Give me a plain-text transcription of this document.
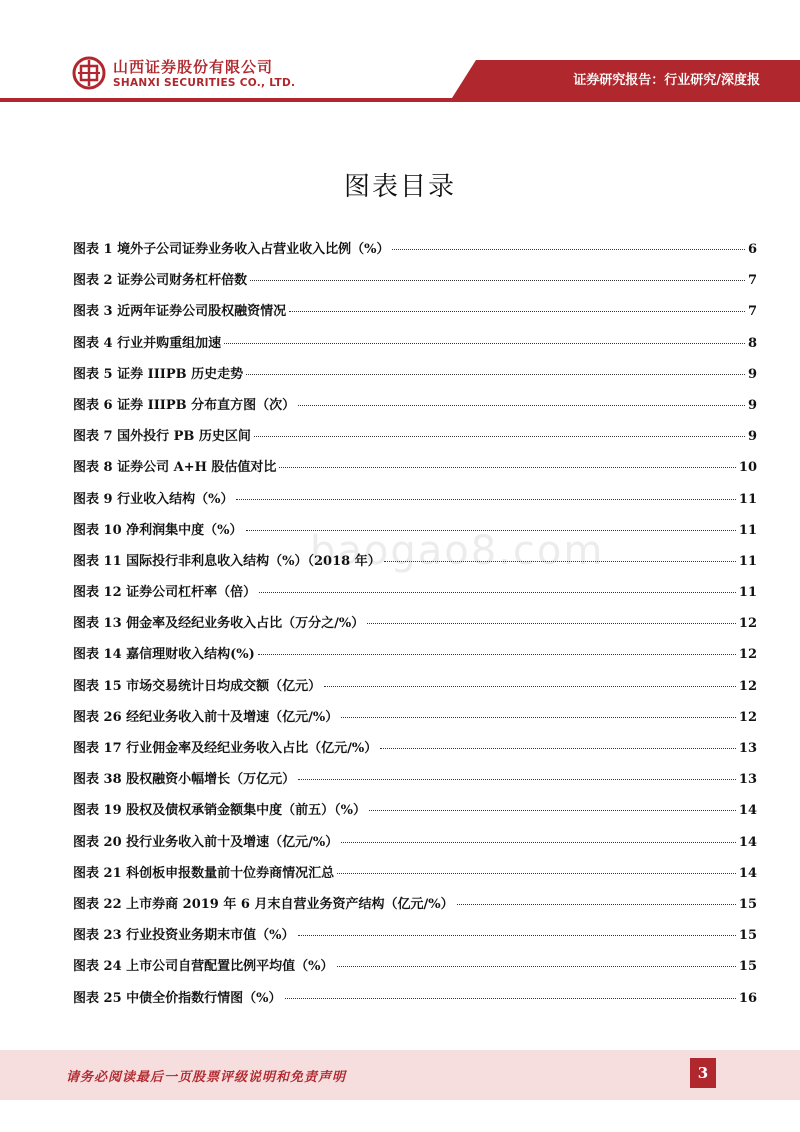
山西证券股份有限公司
SHANXI SECURITIES CO., LTD.	证券研究报告：行业研究/深度报
图表目录
baogao8.com
图表 1 境外子公司证券业务收入占营业收入比例（%）	6
图表 2 证券公司财务杠杆倍数	7
图表 3 近两年证券公司股权融资情况	7
图表 4 行业并购重组加速	8
图表 5 证券 IIIPB 历史走势	9
图表 6 证券 IIIPB 分布直方图（次）	9
图表 7 国外投行 PB 历史区间	9
图表 8 证券公司 A+H 股估值对比	10
图表 9 行业收入结构（%）	11
图表 10 净利润集中度（%）	11
图表 11 国际投行非利息收入结构（%）（2018 年）	11
图表 12 证券公司杠杆率（倍）	11
图表 13 佣金率及经纪业务收入占比（万分之/%）	12
图表 14 嘉信理财收入结构(%)	12
图表 15 市场交易统计日均成交额（亿元）	12
图表 26 经纪业务收入前十及增速（亿元/%）	12
图表 17 行业佣金率及经纪业务收入占比（亿元/%）	13
图表 38 股权融资小幅增长（万亿元）	13
图表 19 股权及债权承销金额集中度（前五）（%）	14
图表 20 投行业务收入前十及增速（亿元/%）	14
图表 21 科创板申报数量前十位券商情况汇总	14
图表 22 上市券商 2019 年 6 月末自营业务资产结构（亿元/%）	15
图表 23 行业投资业务期末市值（%）	15
图表 24 上市公司自营配置比例平均值（%）	15
图表 25 中债全价指数行情图（%）	16
请务必阅读最后一页股票评级说明和免责声明	3
